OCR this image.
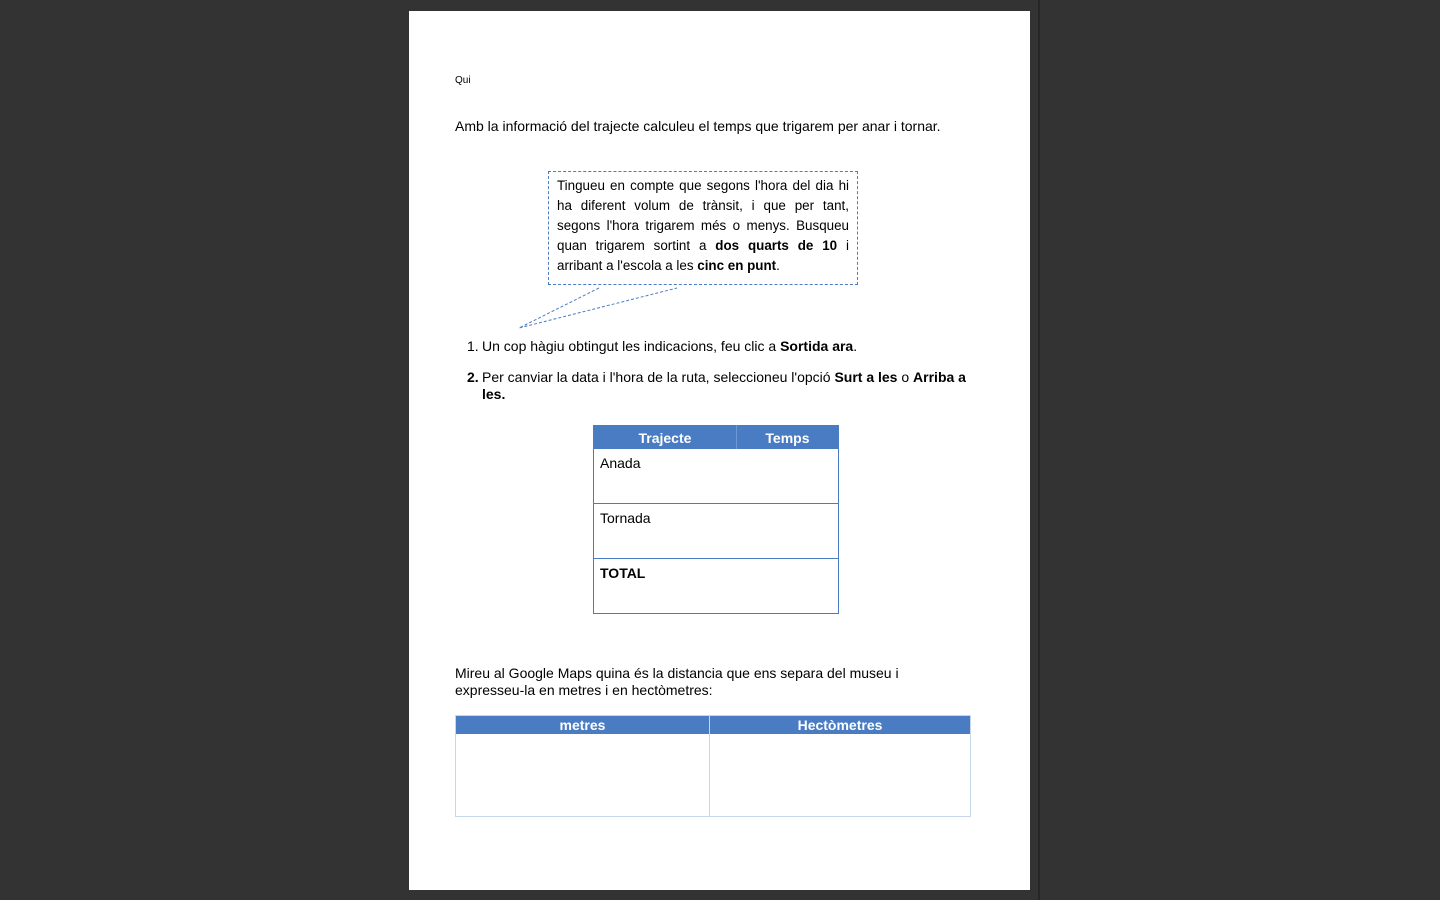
Qui
Amb la informació del trajecte calculeu el temps que trigarem per anar i tornar.
Tingueu en compte que segons l'hora del dia hi ha diferent volum de trànsit, i que per tant, segons l'hora trigarem més o menys. Busqueu quan trigarem sortint a dos quarts de 10 i arribant a l'escola a les cinc en punt.
1. Un cop hàgiu obtingut les indicacions, feu clic a Sortida ara.
2. Per canviar la data i l'hora de la ruta, seleccioneu l'opció Surt a les o Arriba a les.
Trajecte	Temps
Anada	
Tornada	
TOTAL	
Mireu al Google Maps quina és la distancia que ens separa del museu i expresseu-la en metres i en hectòmetres:
metres	Hectòmetres
